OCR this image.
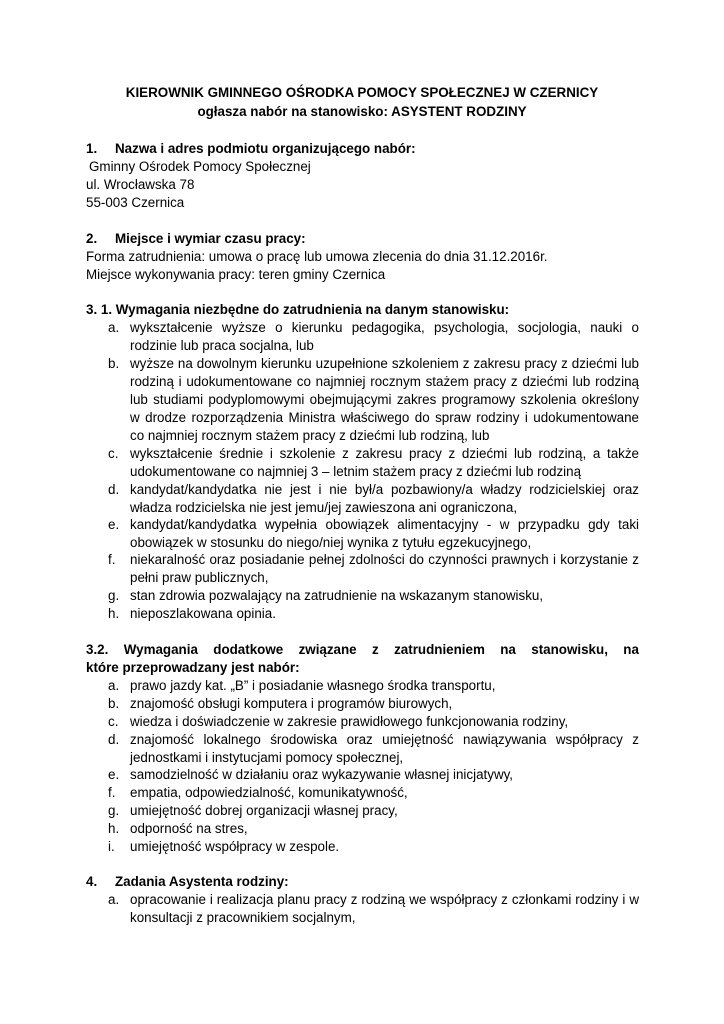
KIEROWNIK GMINNEGO OŚRODKA POMOCY SPOŁECZNEJ W CZERNICY
ogłasza nabór na stanowisko: ASYSTENT RODZINY
1. Nazwa i adres podmiotu organizującego nabór:
Gminny Ośrodek Pomocy Społecznej
ul. Wrocławska 78
55-003 Czernica
2. Miejsce i wymiar czasu pracy:
Forma zatrudnienia: umowa o pracę lub umowa zlecenia do dnia 31.12.2016r.
Miejsce wykonywania pracy: teren gminy Czernica
3. 1. Wymagania niezbędne do zatrudnienia na danym stanowisku:
a. wykształcenie wyższe o kierunku pedagogika, psychologia, socjologia, nauki o rodzinie lub praca socjalna, lub
b. wyższe na dowolnym kierunku uzupełnione szkoleniem z zakresu pracy z dziećmi lub rodziną i udokumentowane co najmniej rocznym stażem pracy z dziećmi lub rodziną lub studiami podyplomowymi obejmującymi zakres programowy szkolenia określony w drodze rozporządzenia Ministra właściwego do spraw rodziny i udokumentowane co najmniej rocznym stażem pracy z dziećmi lub rodziną, lub
c. wykształcenie średnie i szkolenie z zakresu pracy z dziećmi lub rodziną, a także udokumentowane co najmniej 3 – letnim stażem pracy z dziećmi lub rodziną
d. kandydat/kandydatka nie jest i nie był/a pozbawiony/a władzy rodzicielskiej oraz władza rodzicielska nie jest jemu/jej zawieszona ani ograniczona,
e. kandydat/kandydatka wypełnia obowiązek alimentacyjny - w przypadku gdy taki obowiązek w stosunku do niego/niej wynika z tytułu egzekucyjnego,
f. niekaralność oraz posiadanie pełnej zdolności do czynności prawnych i korzystanie z pełni praw publicznych,
g. stan zdrowia pozwalający na zatrudnienie na wskazanym stanowisku,
h. nieposzlakowana opinia.
3.2. Wymagania dodatkowe związane z zatrudnieniem na stanowisku, na
które przeprowadzany jest nabór:
a. prawo jazdy kat. „B” i posiadanie własnego środka transportu,
b. znajomość obsługi komputera i programów biurowych,
c. wiedza i doświadczenie w zakresie prawidłowego funkcjonowania rodziny,
d. znajomość lokalnego środowiska oraz umiejętność nawiązywania współpracy z jednostkami i instytucjami pomocy społecznej,
e. samodzielność w działaniu oraz wykazywanie własnej inicjatywy,
f. empatia, odpowiedzialność, komunikatywność,
g. umiejętność dobrej organizacji własnej pracy,
h. odporność na stres,
i. umiejętność współpracy w zespole.
4. Zadania Asystenta rodziny:
a. opracowanie i realizacja planu pracy z rodziną we współpracy z członkami rodziny i w konsultacji z pracownikiem socjalnym,
